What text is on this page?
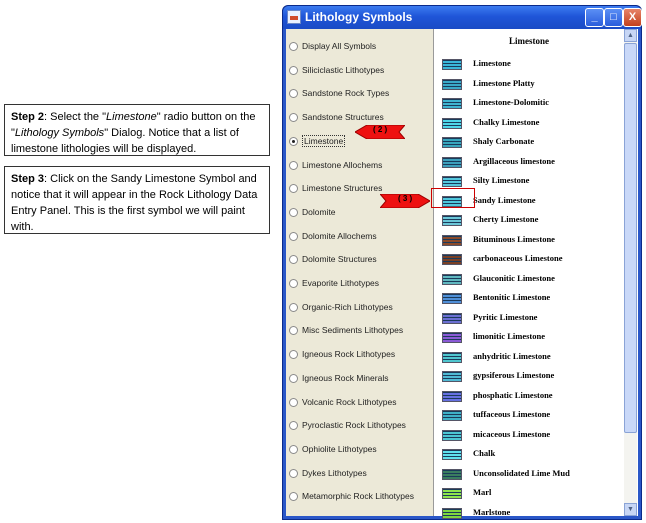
Step 2: Select the "Limestone" radio button on the "Lithology Symbols" Dialog. Notice that a list of limestone lithologies will be displayed.
Step 3: Click on the Sandy Limestone Symbol and notice that it will appear in the Rock Lithology Data Entry Panel. This is the first symbol we will paint with.
Lithology Symbols	_	□	X
Display All Symbols
Siliciclastic Lithotypes
Sandstone Rock Types
Sandstone Structures
Limestone
Limestone Allochems
Limestone Structures
Dolomite
Dolomite Allochems
Dolomite Structures
Evaporite Lithotypes
Organic-Rich Lithotypes
Misc Sediments Lithotypes
Igneous Rock Lithotypes
Igneous Rock Minerals
Volcanic Rock Lithotypes
Pyroclastic Rock Lithotypes
Ophiolite Lithotypes
Dykes Lithotypes
Metamorphic Rock Lithotypes
Limestone
▲
▼
Limestone
Limestone Platty
Limestone-Dolomitic
Chalky Limestone
Shaly Carbonate
Argillaceous limestone
Silty Limestone
Sandy Limestone
Cherty Limestone
Bituminous Limestone
carbonaceous Limestone
Glauconitic Limestone
Bentonitic Limestone
Pyritic Limestone
limonitic Limestone
anhydritic Limestone
gypsiferous Limestone
phosphatic Limestone
tuffaceous Limestone
micaceous Limestone
Chalk
Unconsolidated Lime Mud
Marl
Marlstone
( 2 )
( 3 )
